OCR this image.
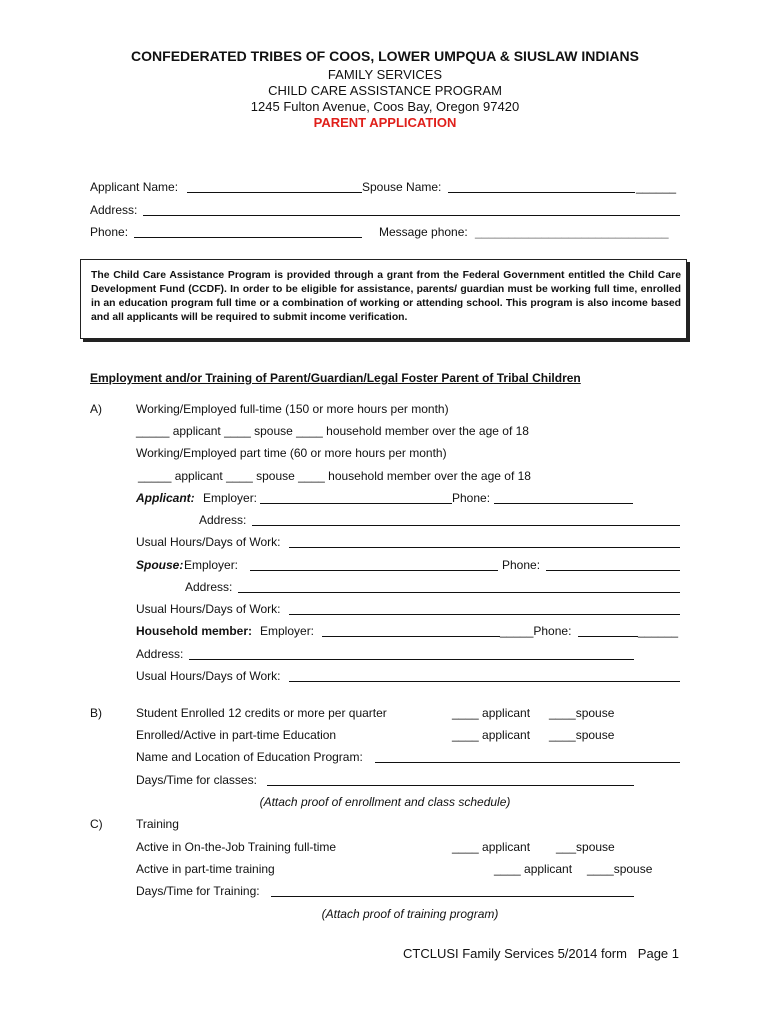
CONFEDERATED TRIBES OF COOS, LOWER UMPQUA & SIUSLAW INDIANS
FAMILY SERVICES
CHILD CARE ASSISTANCE PROGRAM
1245 Fulton Avenue, Coos Bay, Oregon 97420
PARENT APPLICATION
Applicant Name:	Spouse Name:	______
Address:
Phone:	Message phone: _____________________________

The Child Care Assistance Program is provided through a grant from the Federal Government entitled the Child Care Development Fund (CCDF). In order to be eligible for assistance, parents/ guardian must be working full time, enrolled in an education program full time or a combination of working or attending school. This program is also income based and all applicants will be required to submit income verification.

Employment and/or Training of Parent/Guardian/Legal Foster Parent of Tribal Children
A)	Working/Employed full-time (150 or more hours per month)
_____ applicant ____ spouse ____ household member over the age of 18
Working/Employed part time (60 or more hours per month)
_____ applicant ____ spouse ____ household member over the age of 18
Applicant: Employer:	Phone:
Address:
Usual Hours/Days of Work:
Spouse: Employer:	Phone:
Address:
Usual Hours/Days of Work:
Household member: Employer:	_____Phone:	______
Address:
Usual Hours/Days of Work:
B)	Student Enrolled 12 credits or more per quarter	____ applicant ____spouse
Enrolled/Active in part-time Education	____ applicant ____spouse
Name and Location of Education Program:
Days/Time for classes:
(Attach proof of enrollment and class schedule)
C)	Training
Active in On-the-Job Training full-time	____ applicant ___spouse
Active in part-time training	____ applicant ____spouse
Days/Time for Training:
(Attach proof of training program)
CTCLUSI Family Services 5/2014 form   Page 1
